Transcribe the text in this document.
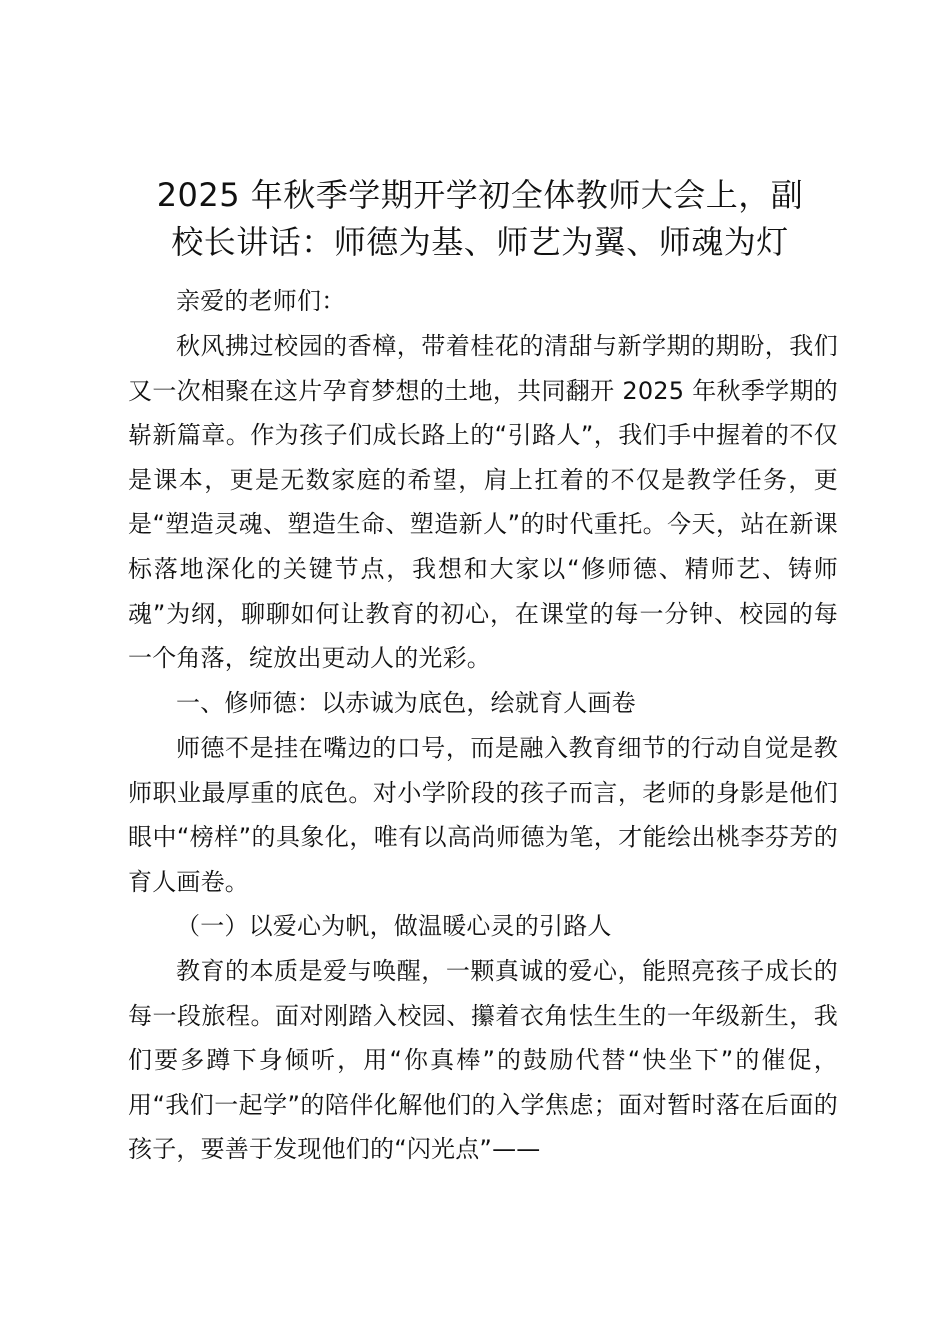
2025 年秋季学期开学初全体教师大会上，副
校长讲话：师德为基、师艺为翼、师魂为灯

亲爱的老师们：

秋风拂过校园的香樟，带着桂花的清甜与新学期的期盼，我们又一次相聚在这片孕育梦想的土地，共同翻开 2025 年秋季学期的崭新篇章。作为孩子们成长路上的“引路人”，我们手中握着的不仅是课本，更是无数家庭的希望，肩上扛着的不仅是教学任务，更是“塑造灵魂、塑造生命、塑造新人”的时代重托。今天，站在新课标落地深化的关键节点，我想和大家以“修师德、精师艺、铸师魂”为纲，聊聊如何让教育的初心，在课堂的每一分钟、校园的每一个角落，绽放出更动人的光彩。

一、修师德：以赤诚为底色，绘就育人画卷

师德不是挂在嘴边的口号，而是融入教育细节的行动自觉是教师职业最厚重的底色。对小学阶段的孩子而言，老师的身影是他们眼中“榜样”的具象化，唯有以高尚师德为笔，才能绘出桃李芬芳的育人画卷。

（一）以爱心为帆，做温暖心灵的引路人

教育的本质是爱与唤醒，一颗真诚的爱心，能照亮孩子成长的每一段旅程。面对刚踏入校园、攥着衣角怯生生的一年级新生，我们要多蹲下身倾听，用“你真棒”的鼓励代替“快坐下”的催促，用“我们一起学”的陪伴化解他们的入学焦虑；面对暂时落在后面的孩子，要善于发现他们的“闪光点”——
